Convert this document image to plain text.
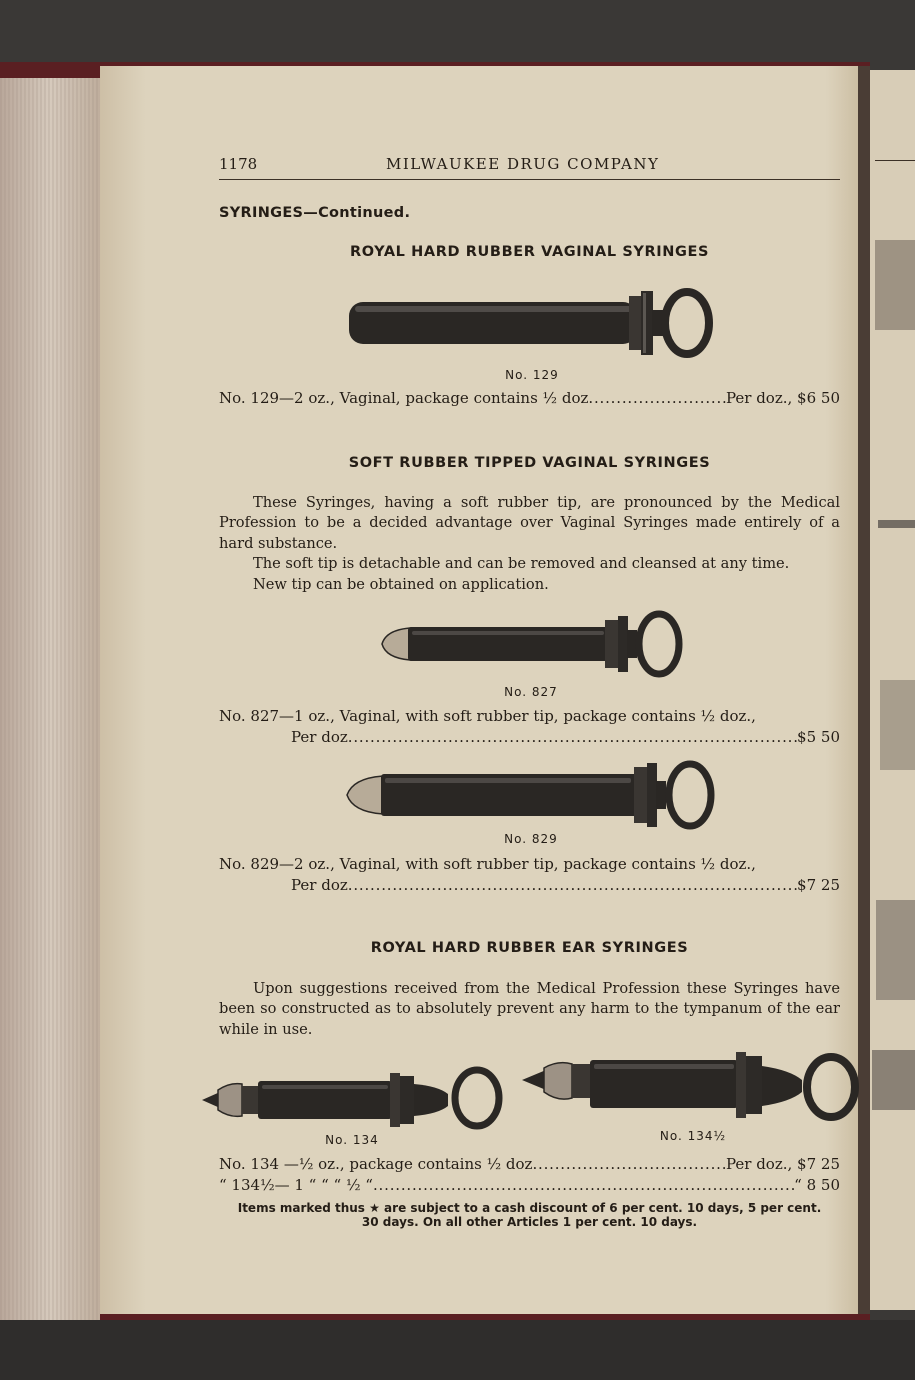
1178	MILWAUKEE DRUG COMPANY
SYRINGES—Continued.
ROYAL HARD RUBBER VAGINAL SYRINGES
No. 129
No. 129—2 oz., Vaginal, package contains ½ doz .....	Per doz., $6 50
SOFT RUBBER TIPPED VAGINAL SYRINGES

These Syringes, having a soft rubber tip, are pronounced by the Medical Profession to be a decided advantage over Vaginal Syringes made entirely of a hard substance.

The soft tip is detachable and can be removed and cleansed at any time.

New tip can be obtained on application.

No. 827
No. 827—1 oz., Vaginal, with soft rubber tip, package contains ½ doz.,
Per doz .....	$5 50
No. 829
No. 829—2 oz., Vaginal, with soft rubber tip, package contains ½ doz.,
Per doz .....	$7 25
ROYAL HARD RUBBER EAR SYRINGES

Upon suggestions received from the Medical Profession these Syringes have been so constructed as to absolutely prevent any harm to the tympanum of the ear while in use.

No. 134	No. 134½
No. 134 —½ oz., package contains ½ doz .....	Per doz., $7 25
“ 134½— 1 “ “ “ ½ “ .....	“ 8 50
Items marked thus ★ are subject to a cash discount of 6 per cent. 10 days, 5 per cent.
30 days. On all other Articles 1 per cent. 10 days.
